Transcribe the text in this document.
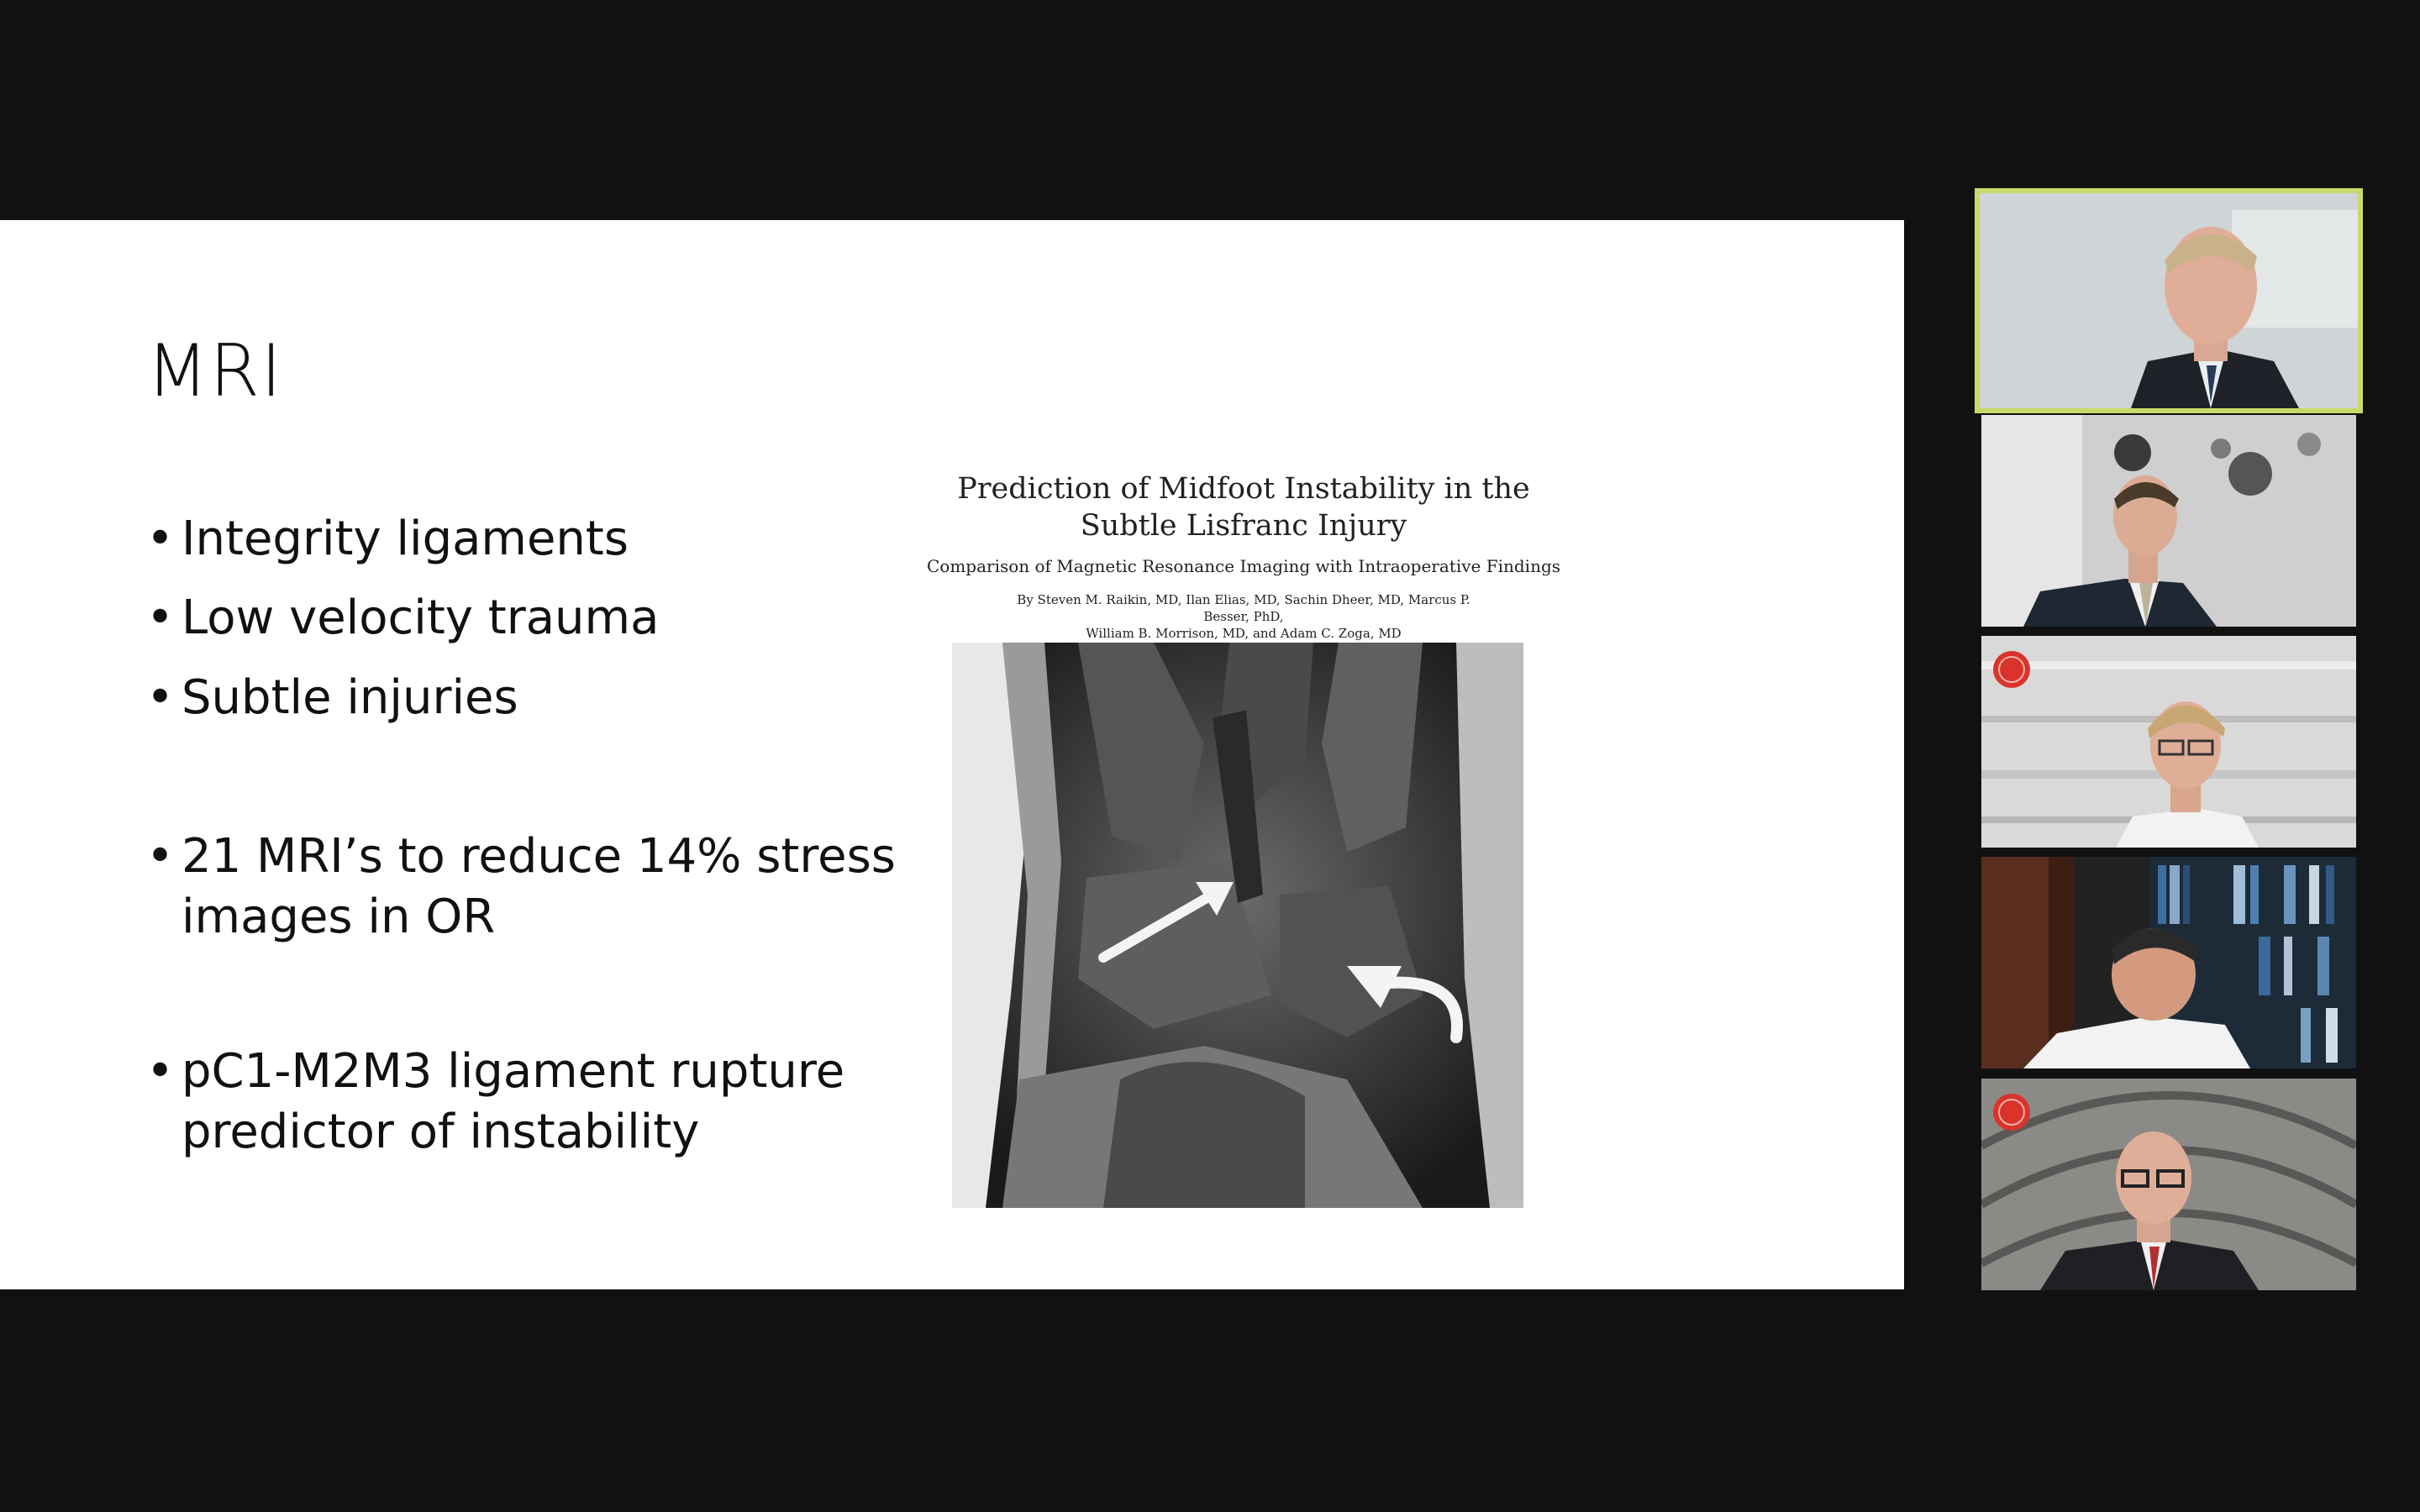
MRI
• Integrity ligaments
• Low velocity trauma
• Subtle injuries
• 21 MRI’s to reduce 14% stress images in OR
• pC1-M2M3 ligament rupture predictor of instability
Prediction of Midfoot Instability in the
Subtle Lisfranc Injury
Comparison of Magnetic Resonance Imaging with Intraoperative Findings
By Steven M. Raikin, MD, Ilan Elias, MD, Sachin Dheer, MD, Marcus P. Besser, PhD,
William B. Morrison, MD, and Adam C. Zoga, MD
